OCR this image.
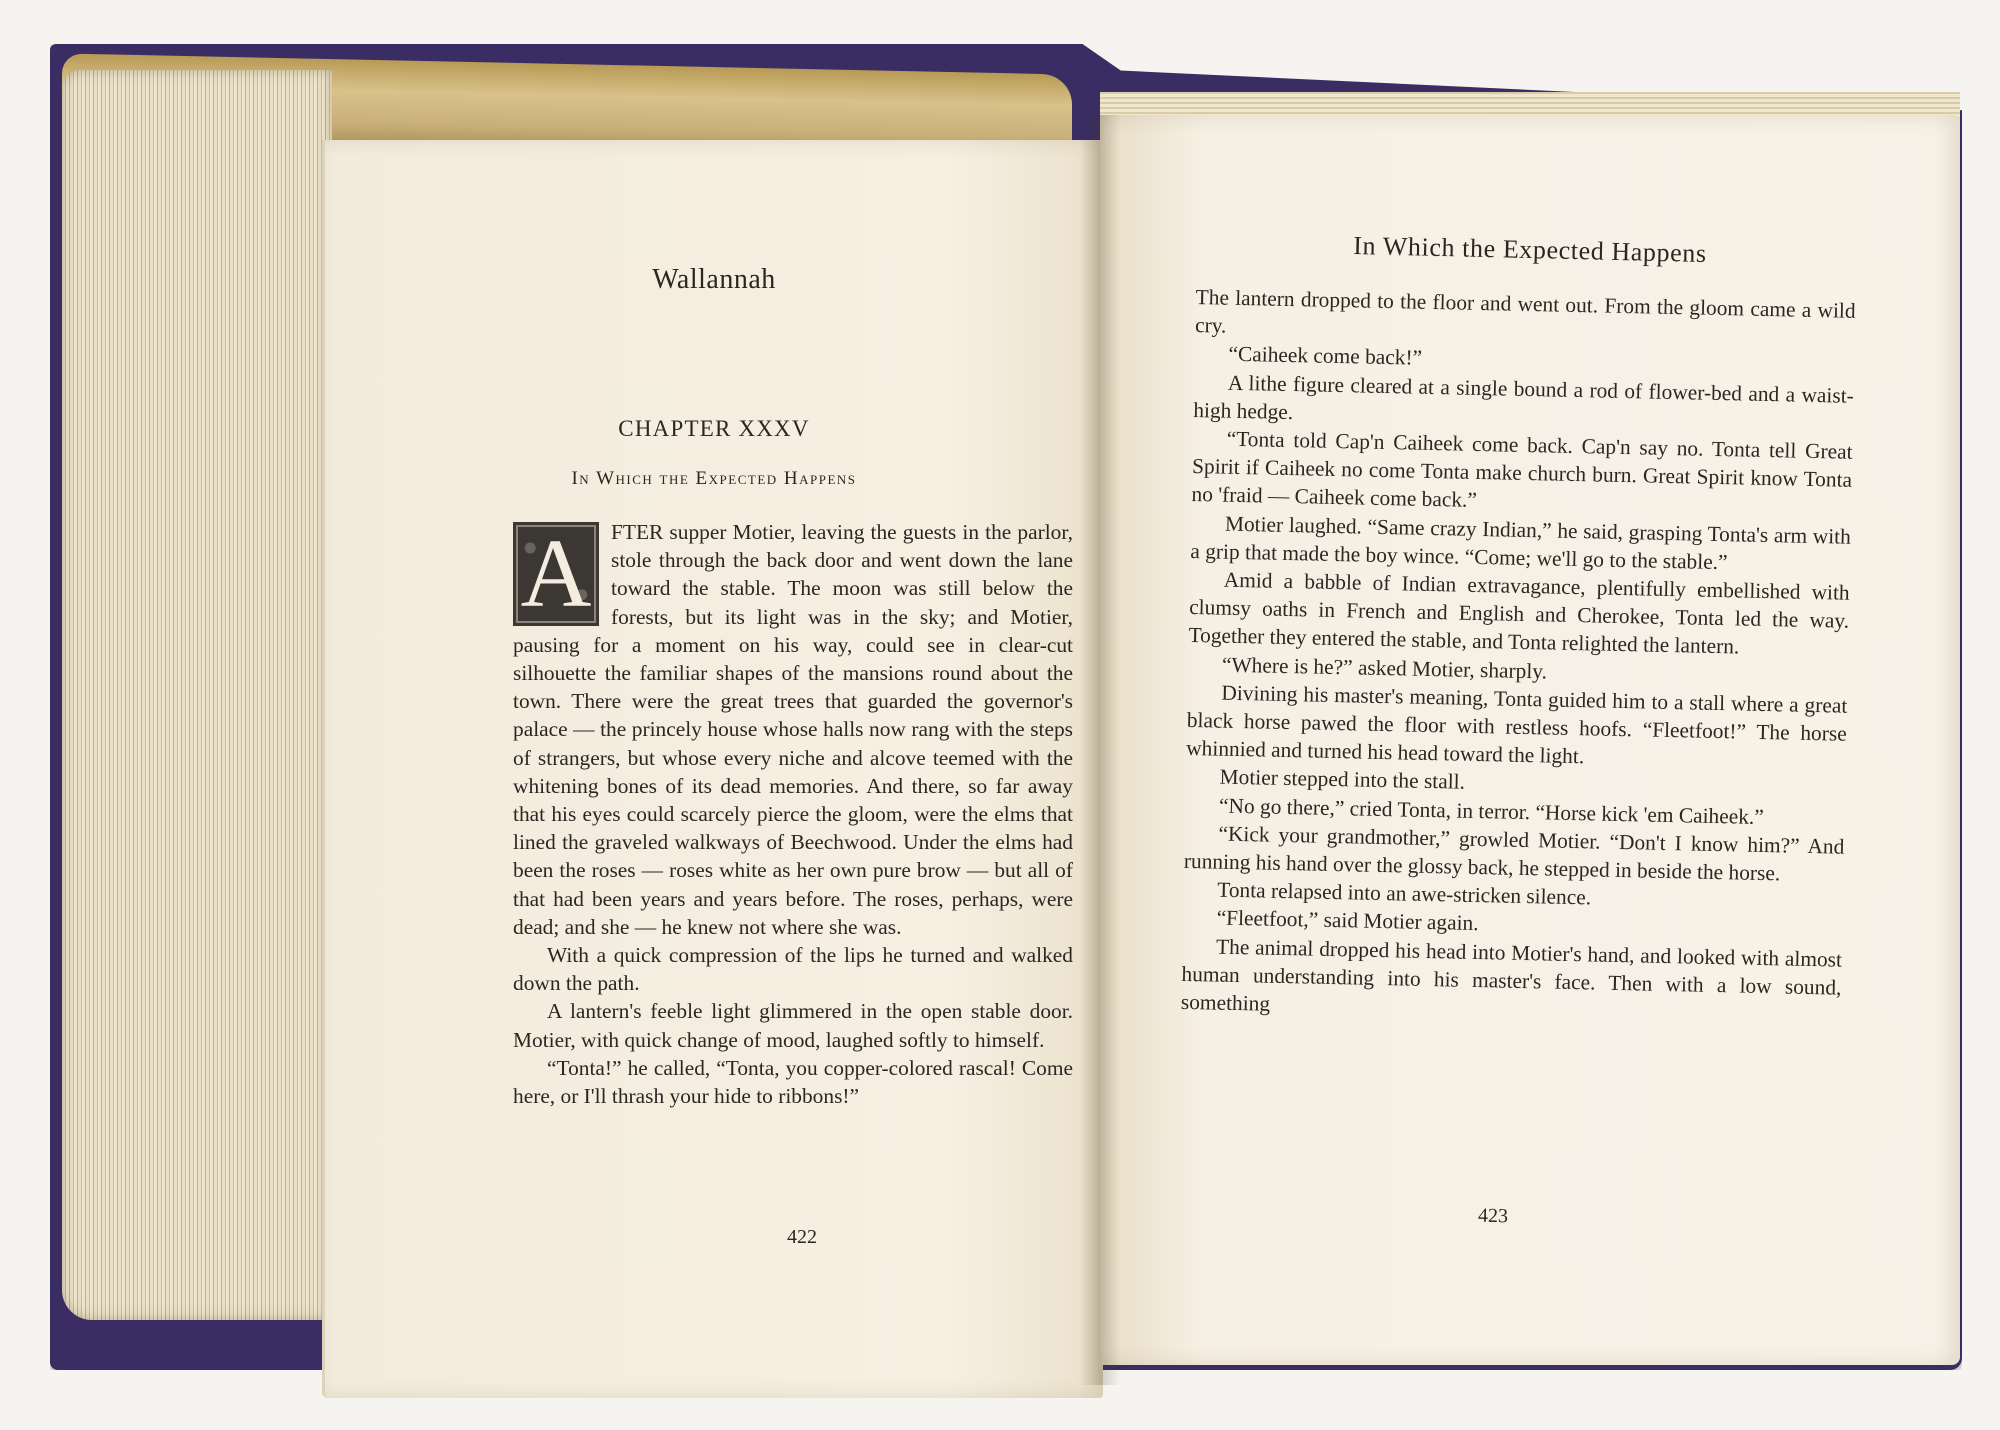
Wallannah
CHAPTER XXXV
In Which the Expected Happens

A FTER supper Motier, leaving the guests in the parlor, stole through the back door and went down the lane toward the stable. The moon was still below the forests, but its light was in the sky; and Motier, pausing for a moment on his way, could see in clear-cut silhouette the familiar shapes of the mansions round about the town. There were the great trees that guarded the governor's palace — the princely house whose halls now rang with the steps of strangers, but whose every niche and alcove teemed with the whitening bones of its dead memories. And there, so far away that his eyes could scarcely pierce the gloom, were the elms that lined the graveled walkways of Beechwood. Under the elms had been the roses — roses white as her own pure brow — but all of that had been years and years before. The roses, perhaps, were dead; and she — he knew not where she was.

With a quick compression of the lips he turned and walked down the path.

A lantern's feeble light glimmered in the open stable door. Motier, with quick change of mood, laughed softly to himself.

“Tonta!” he called, “Tonta, you copper-colored rascal! Come here, or I'll thrash your hide to ribbons!”

422
In Which the Expected Happens

The lantern dropped to the floor and went out. From the gloom came a wild cry.

“Caiheek come back!”

A lithe figure cleared at a single bound a rod of flower-bed and a waist-high hedge.

“Tonta told Cap'n Caiheek come back. Cap'n say no. Tonta tell Great Spirit if Caiheek no come Tonta make church burn. Great Spirit know Tonta no 'fraid — Caiheek come back.”

Motier laughed. “Same crazy Indian,” he said, grasping Tonta's arm with a grip that made the boy wince. “Come; we'll go to the stable.”

Amid a babble of Indian extravagance, plentifully embellished with clumsy oaths in French and English and Cherokee, Tonta led the way. Together they entered the stable, and Tonta relighted the lantern.

“Where is he?” asked Motier, sharply.

Divining his master's meaning, Tonta guided him to a stall where a great black horse pawed the floor with restless hoofs. “Fleetfoot!” The horse whinnied and turned his head toward the light.

Motier stepped into the stall.

“No go there,” cried Tonta, in terror. “Horse kick 'em Caiheek.”

“Kick your grandmother,” growled Motier. “Don't I know him?” And running his hand over the glossy back, he stepped in beside the horse.

Tonta relapsed into an awe-stricken silence.

“Fleetfoot,” said Motier again.

The animal dropped his head into Motier's hand, and looked with almost human understanding into his master's face. Then with a low sound, something

423
